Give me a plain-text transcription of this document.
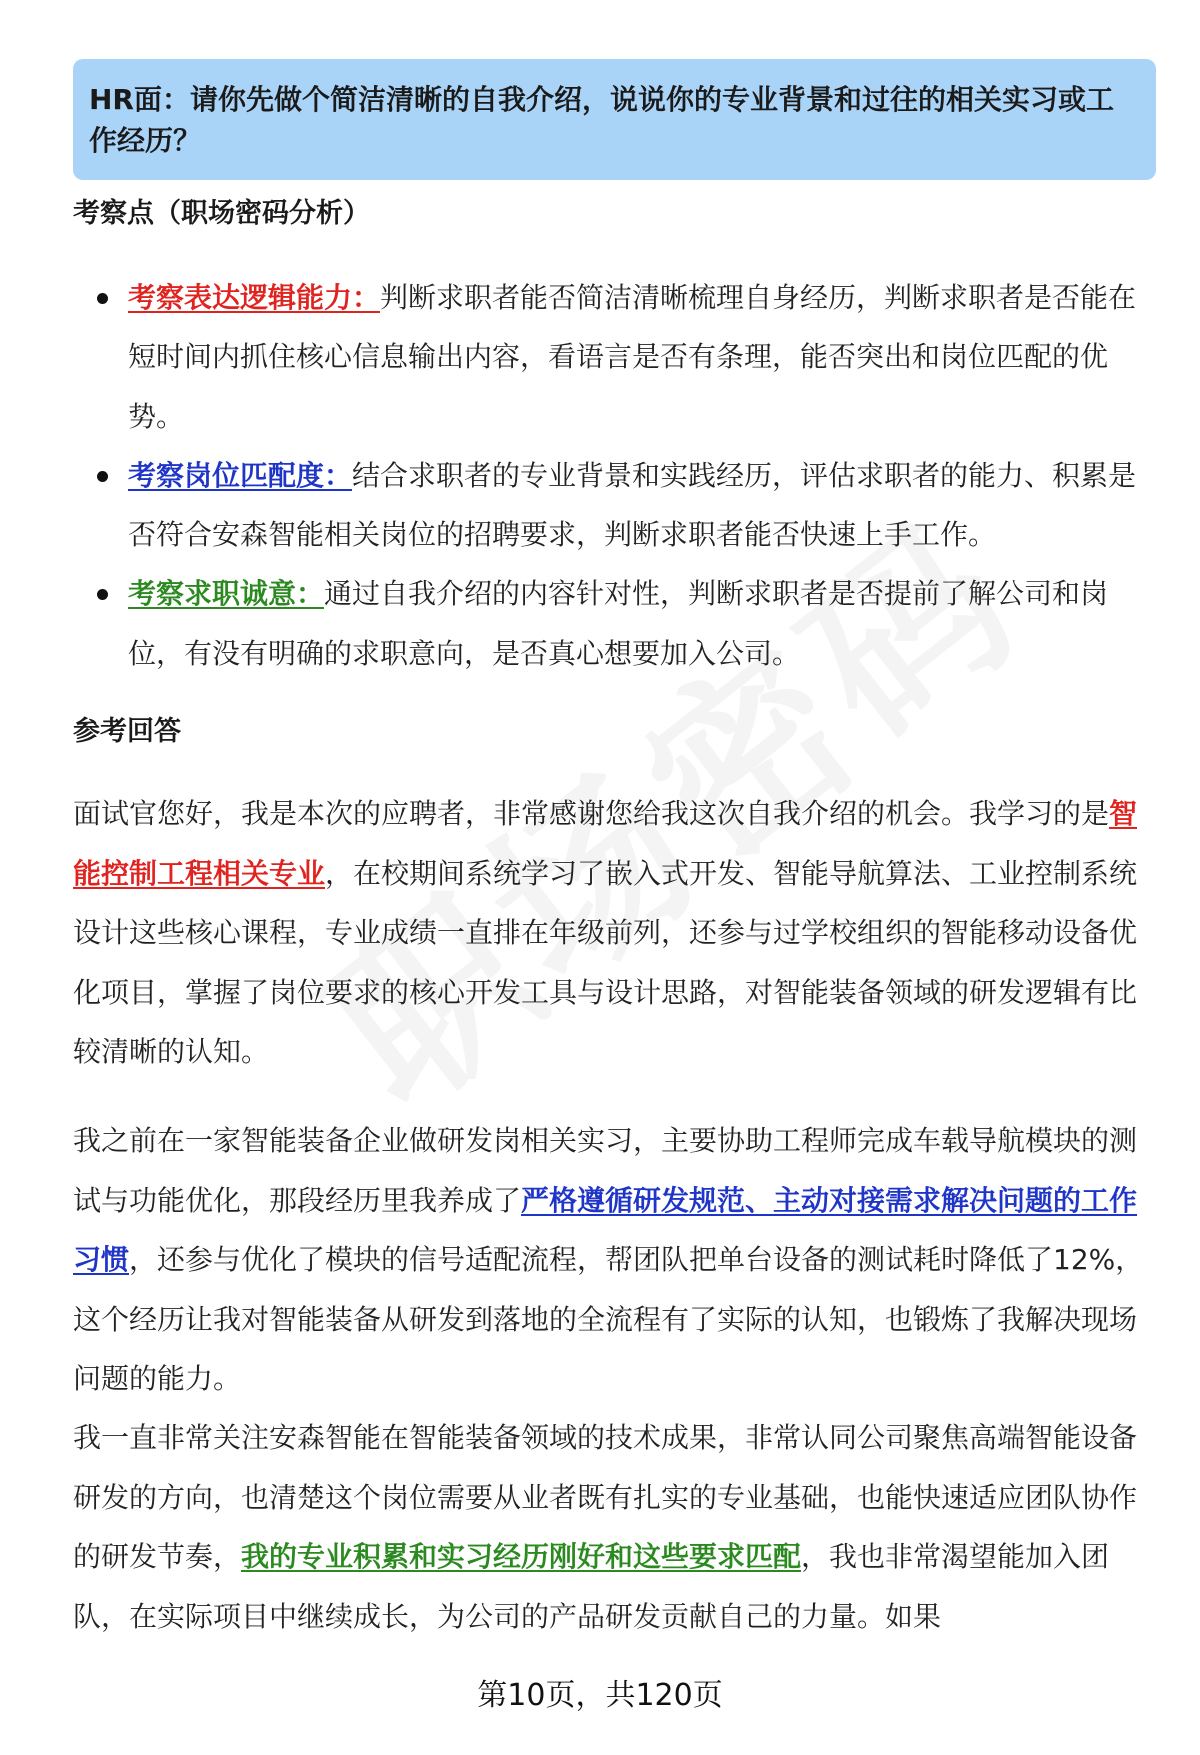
HR面：请你先做个简洁清晰的自我介绍，说说你的专业背景和过往的相关实习或工作经历？

考察点（职场密码分析）
考察表达逻辑能力：判断求职者能否简洁清晰梳理自身经历，判断求职者是否能在短时间内抓住核心信息输出内容，看语言是否有条理，能否突出和岗位匹配的优势。
考察岗位匹配度：结合求职者的专业背景和实践经历，评估求职者的能力、积累是否符合安森智能相关岗位的招聘要求，判断求职者能否快速上手工作。
考察求职诚意：通过自我介绍的内容针对性，判断求职者是否提前了解公司和岗位，有没有明确的求职意向，是否真心想要加入公司。
参考回答

面试官您好，我是本次的应聘者，非常感谢您给我这次自我介绍的机会。我学习的是智能控制工程相关专业，在校期间系统学习了嵌入式开发、智能导航算法、工业控制系统设计这些核心课程，专业成绩一直排在年级前列，还参与过学校组织的智能移动设备优化项目，掌握了岗位要求的核心开发工具与设计思路，对智能装备领域的研发逻辑有比较清晰的认知。

我之前在一家智能装备企业做研发岗相关实习，主要协助工程师完成车载导航模块的测试与功能优化，那段经历里我养成了严格遵循研发规范、主动对接需求解决问题的工作习惯，还参与优化了模块的信号适配流程，帮团队把单台设备的测试耗时降低了12%，这个经历让我对智能装备从研发到落地的全流程有了实际的认知，也锻炼了我解决现场问题的能力。

我一直非常关注安森智能在智能装备领域的技术成果，非常认同公司聚焦高端智能设备研发的方向，也清楚这个岗位需要从业者既有扎实的专业基础，也能快速适应团队协作的研发节奏，我的专业积累和实习经历刚好和这些要求匹配，我也非常渴望能加入团队，在实际项目中继续成长，为公司的产品研发贡献自己的力量。如果

第10页，共120页
